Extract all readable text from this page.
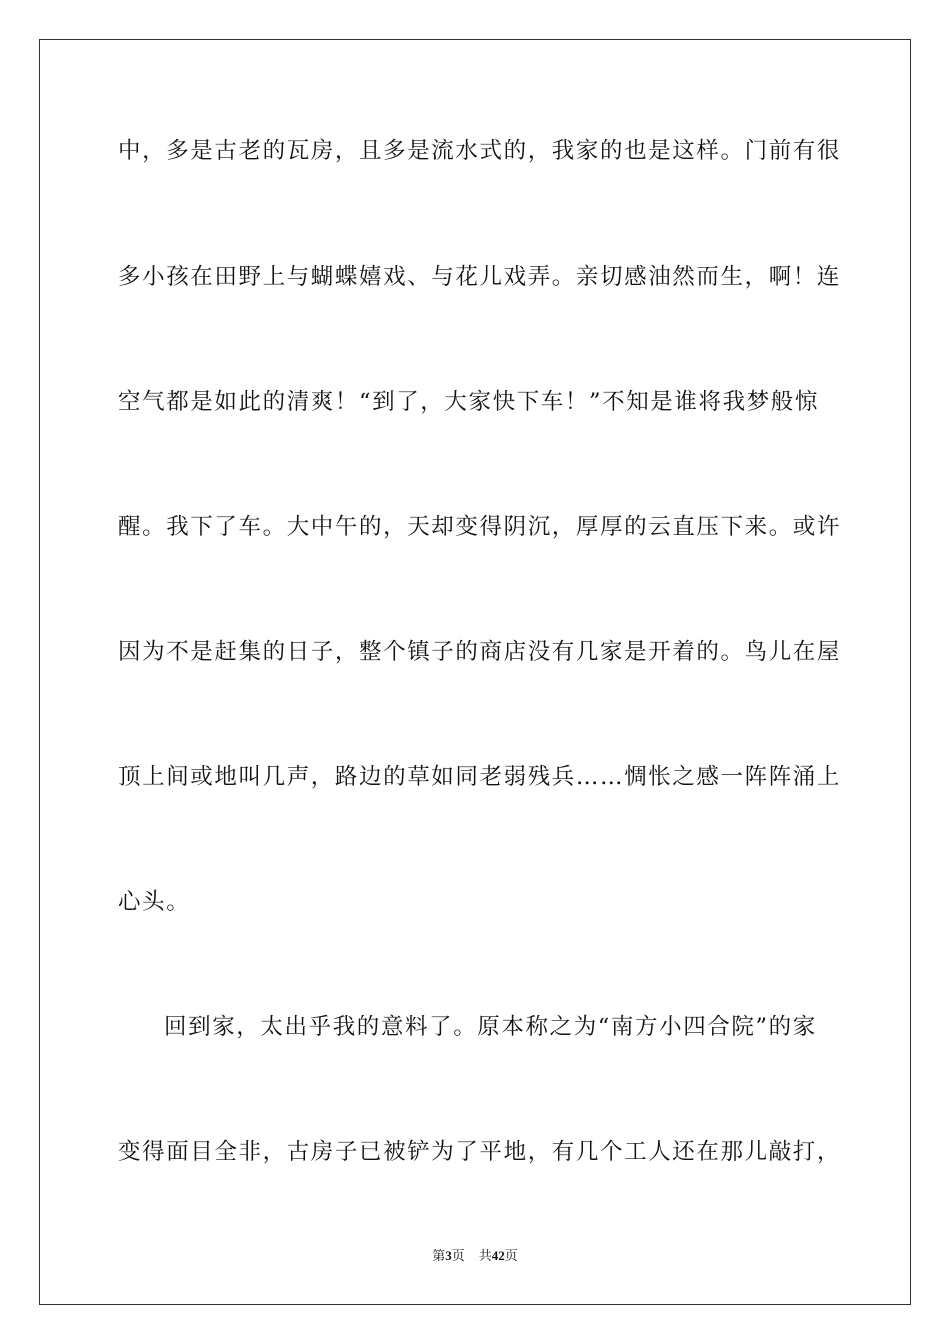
中，多是古老的瓦房，且多是流水式的，我家的也是这样。门前有很
多小孩在田野上与蝴蝶嬉戏、与花儿戏弄。亲切感油然而生，啊！连
空气都是如此的清爽！“到了，大家快下车！”不知是谁将我梦般惊
醒。我下了车。大中午的，天却变得阴沉，厚厚的云直压下来。或许
因为不是赶集的日子，整个镇子的商店没有几家是开着的。鸟儿在屋
顶上间或地叫几声，路边的草如同老弱残兵……惆怅之感一阵阵涌上
心头。
回到家，太出乎我的意料了。原本称之为“南方小四合院”的家
变得面目全非，古房子已被铲为了平地，有几个工人还在那儿敲打，
第3页 共42页
